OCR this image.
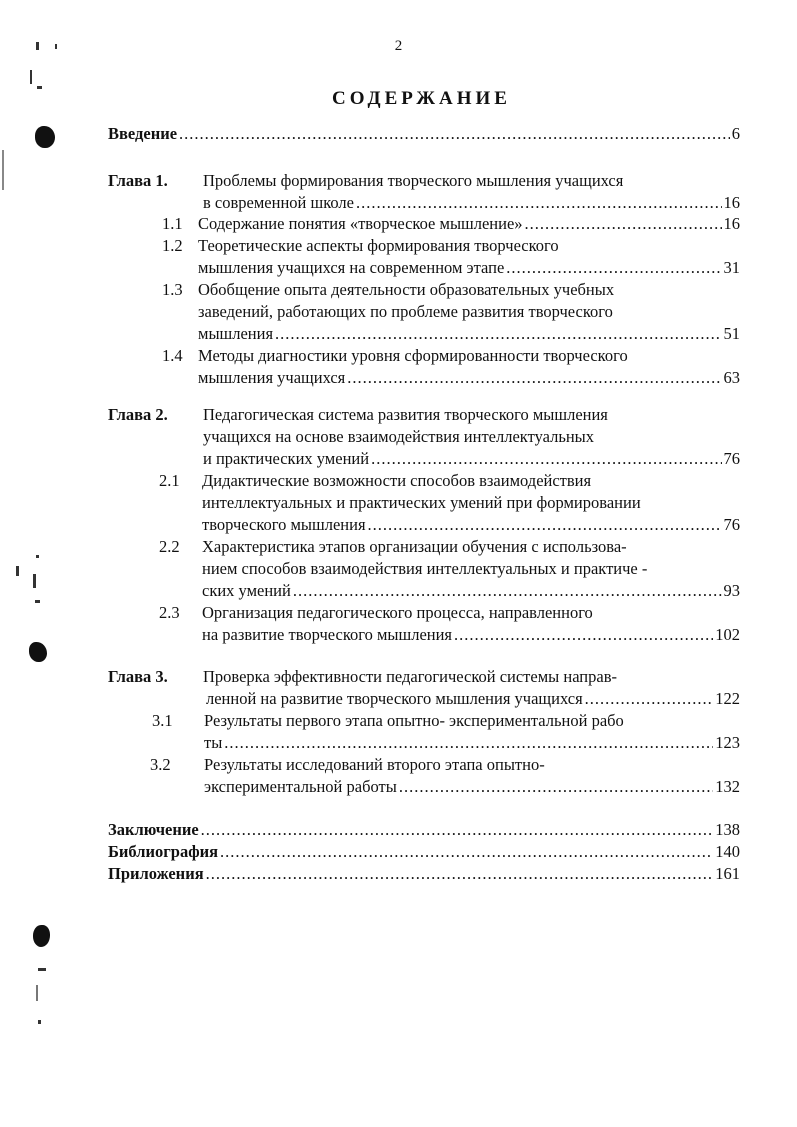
2
СОДЕРЖАНИЕ
Введение .....	6
Глава 1. Проблемы формирования творческого мышления учащихся
в современной школе .....	16
1.1 Содержание понятия «творческое мышление» .....	16
1.2 Теоретические аспекты формирования творческого
мышления учащихся на современном этапе .....	31
1.3 Обобщение опыта деятельности образовательных учебных
заведений, работающих по проблеме развития творческого
мышления .....	51
1.4 Методы диагностики уровня сформированности творческого
мышления учащихся .....	63
Глава 2. Педагогическая система развития творческого мышления
учащихся на основе взаимодействия интеллектуальных
и практических умений .....	76
2.1 Дидактические возможности способов взаимодействия
интеллектуальных и практических умений при формировании
творческого мышления .....	76
2.2 Характеристика этапов организации обучения с использова-
нием способов взаимодействия интеллектуальных и практиче -
ских умений .....	93
2.3 Организация педагогического процесса, направленного
на развитие творческого мышления .....	102
Глава 3. Проверка эффективности педагогической системы направ-
ленной на развитие творческого мышления учащихся .....	122
3.1 Результаты первого этапа опытно- экспериментальной рабо
ты .....	123
3.2 Результаты исследований второго этапа опытно-
экспериментальной работы .....	132
Заключение .....	138
Библиография .....	140
Приложения .....	161
